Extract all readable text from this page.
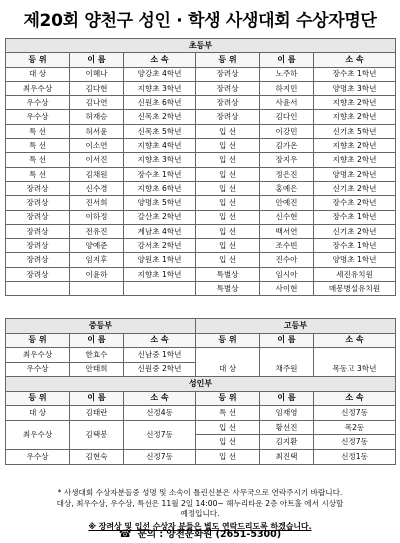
제20회 양천구 성인 · 학생 사생대회 수상자명단
초등부					
등 위	이 름	소 속	등 위	이 름	소 속
대 상	이혜나	양강초 4학년	장려상	노주하	장수초 1학년
최우수상	김다현	지향초 3학년	장려상	하지민	양명초 3학년
우수상	김나연	신원초 6학년	장려상	사윤서	지향초 2학년
우수상	허재승	신목초 2학년	장려상	김다인	지향초 2학년
특 선	허서윤	신목초 5학년	입 선	이강민	신기초 5학년
특 선	이소연	지향초 4학년	입 선	김가온	지향초 2학년
특 선	이서진	지향초 3학년	입 선	장지우	지향초 2학년
특 선	김채원	장수초 1학년	입 선	정은진	양명초 2학년
장려상	신수경	지향초 6학년	입 선	홍예은	신기초 2학년
장려상	진서희	양명초 5학년	입 선	안예진	장수초 2학년
장려상	이하정	갈산초 2학년	입 선	신수현	장수초 1학년
장려상	전유진	계남초 4학년	입 선	백서연	신기초 2학년
장려상	양예준	강서초 2학년	입 선	조수빈	장수초 1학년
장려상	임지후	양원초 1학년	입 선	진수아	양명초 1학년
장려상	이윤하	지향초 1학년	특별상	임시아	세진유치원
			특별상	사이현	매봉병설유치원
중등부			고등부		
등 위	이 름	소 속	등 위	이 름	소 속
최우수상	한효수	신남중 1학년	대 상	채주원	목동고 3학년
우수상	안태희	신원중 2학년			

성인부					
등 위	이 름	소 속	등 위	이 름	소 속
대 상	김태란	신정4동	특 선	임재영	신정7동
최우수상	김택봉	신정7동	입 선	황선진	목2동
			입 선	김지환	신정7동
우수상	김현숙	신정7동	입 선	최진택	신정1동
* 사생대회 수상자분들중 성명 및 소속이 틀린신분은 사무국으로 연락주시기 바랍니다.
대상, 최우수상, 우수상, 특선은 11월 2일 14:00~ 해누리타운 2층 아트홀 에서 시상할
예정입니다.
※ 장려상 및 입선 수상자 분들은 별도 연락드리도록 하겠습니다.
☎ 문의 : 양천문화원 (2651-5300)
